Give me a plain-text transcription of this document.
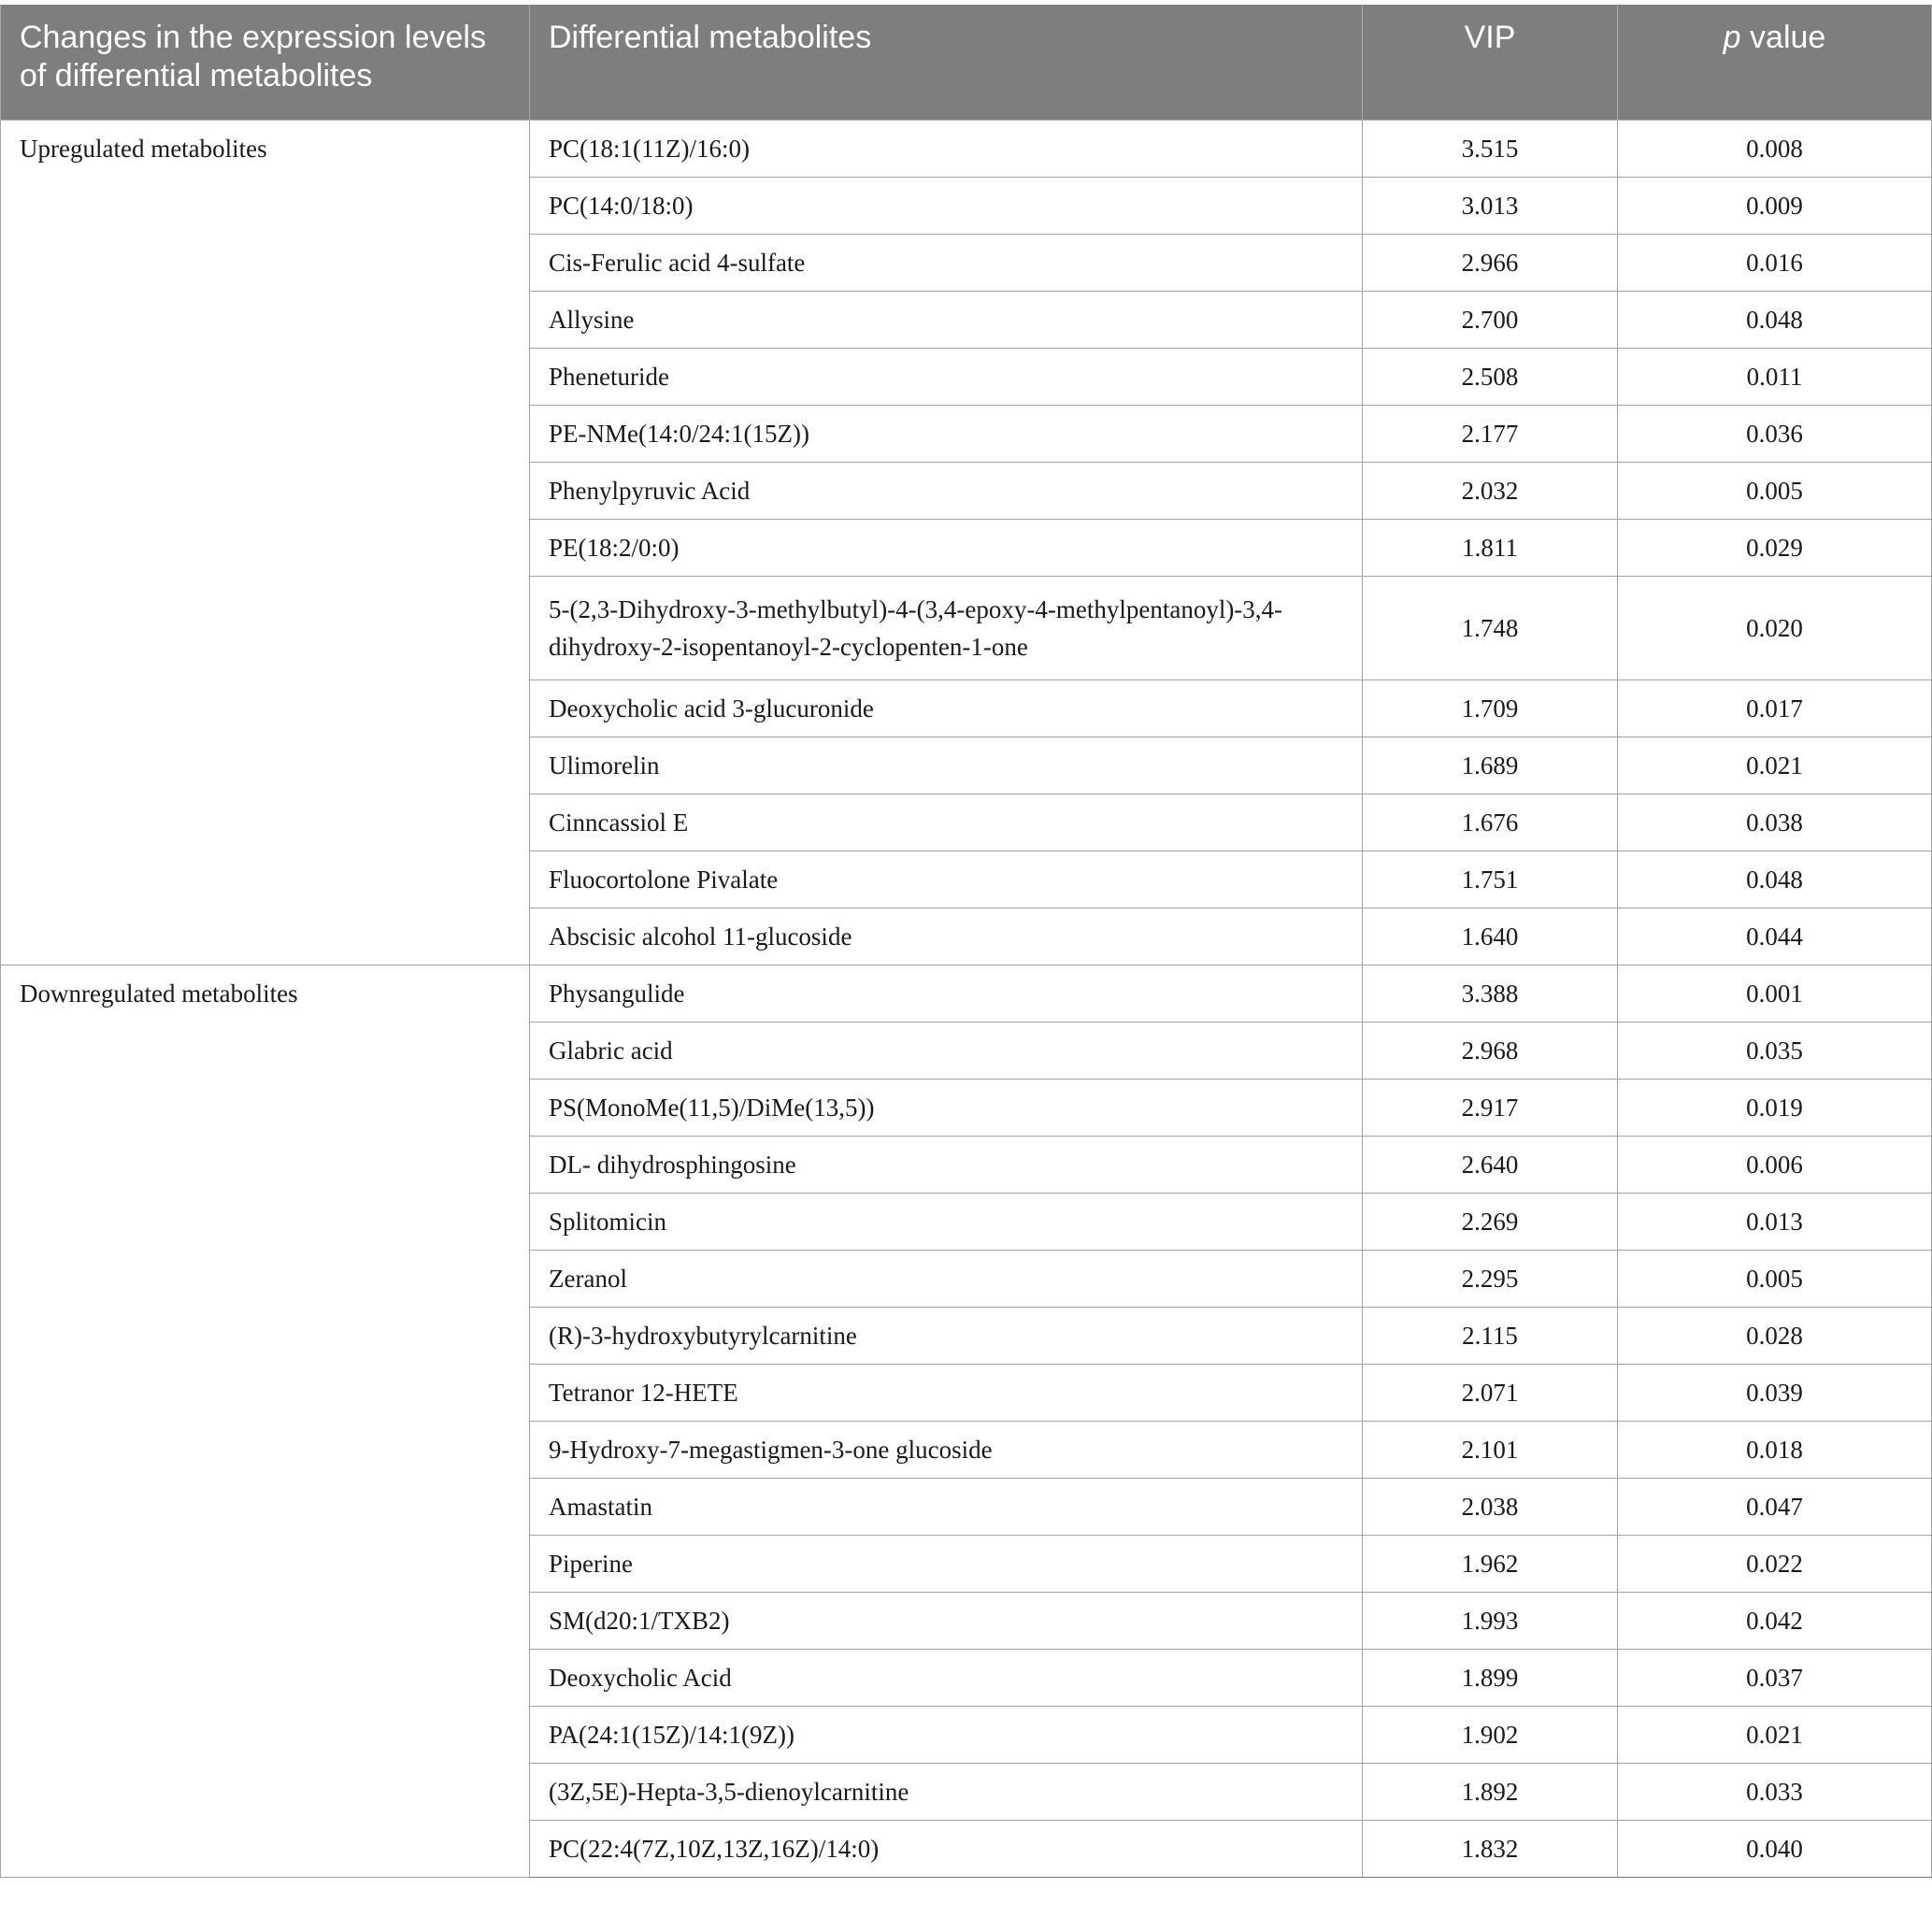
Changes in the expression levels of differential metabolites	Differential metabolites	VIP	p value
Upregulated metabolites	PC(18:1(11Z)/16:0)	3.515	0.008
	PC(14:0/18:0)	3.013	0.009
	Cis-Ferulic acid 4-sulfate	2.966	0.016
	Allysine	2.700	0.048
	Pheneturide	2.508	0.011
	PE-NMe(14:0/24:1(15Z))	2.177	0.036
	Phenylpyruvic Acid	2.032	0.005
	PE(18:2/0:0)	1.811	0.029
	5-(2,3-Dihydroxy-3-methylbutyl)-4-(3,4-epoxy-4-methylpentanoyl)-3,4-dihydroxy-2-isopentanoyl-2-cyclopenten-1-one	1.748	0.020
	Deoxycholic acid 3-glucuronide	1.709	0.017
	Ulimorelin	1.689	0.021
	Cinncassiol E	1.676	0.038
	Fluocortolone Pivalate	1.751	0.048
	Abscisic alcohol 11-glucoside	1.640	0.044
Downregulated metabolites	Physangulide	3.388	0.001
	Glabric acid	2.968	0.035
	PS(MonoMe(11,5)/DiMe(13,5))	2.917	0.019
	DL- dihydrosphingosine	2.640	0.006
	Splitomicin	2.269	0.013
	Zeranol	2.295	0.005
	(R)-3-hydroxybutyrylcarnitine	2.115	0.028
	Tetranor 12-HETE	2.071	0.039
	9-Hydroxy-7-megastigmen-3-one glucoside	2.101	0.018
	Amastatin	2.038	0.047
	Piperine	1.962	0.022
	SM(d20:1/TXB2)	1.993	0.042
	Deoxycholic Acid	1.899	0.037
	PA(24:1(15Z)/14:1(9Z))	1.902	0.021
	(3Z,5E)-Hepta-3,5-dienoylcarnitine	1.892	0.033
	PC(22:4(7Z,10Z,13Z,16Z)/14:0)	1.832	0.040
